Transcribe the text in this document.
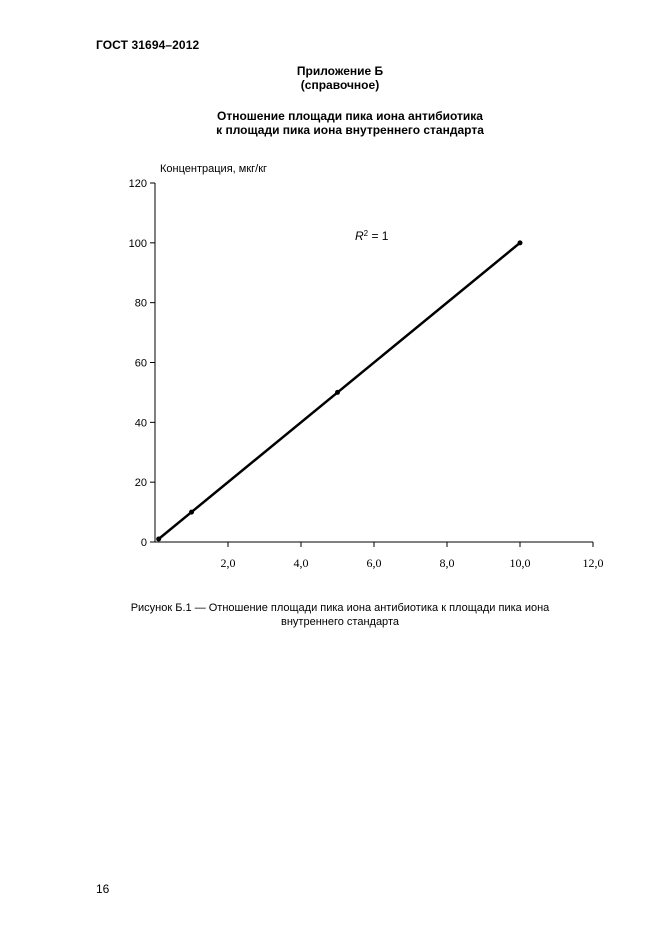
ГОСТ 31694–2012
Приложение Б
(справочное)
Отношение площади пика иона антибиотика
к площади пика иона внутреннего стандарта
Концентрация, мкг/кг
0
20
40
60
80
100
120
2,0	4,0	6,0	8,0	10,0	12,0
$R^2 = 1$
Рисунок Б.1 — Отношение площади пика иона антибиотика к площади пика иона
внутреннего стандарта
16
